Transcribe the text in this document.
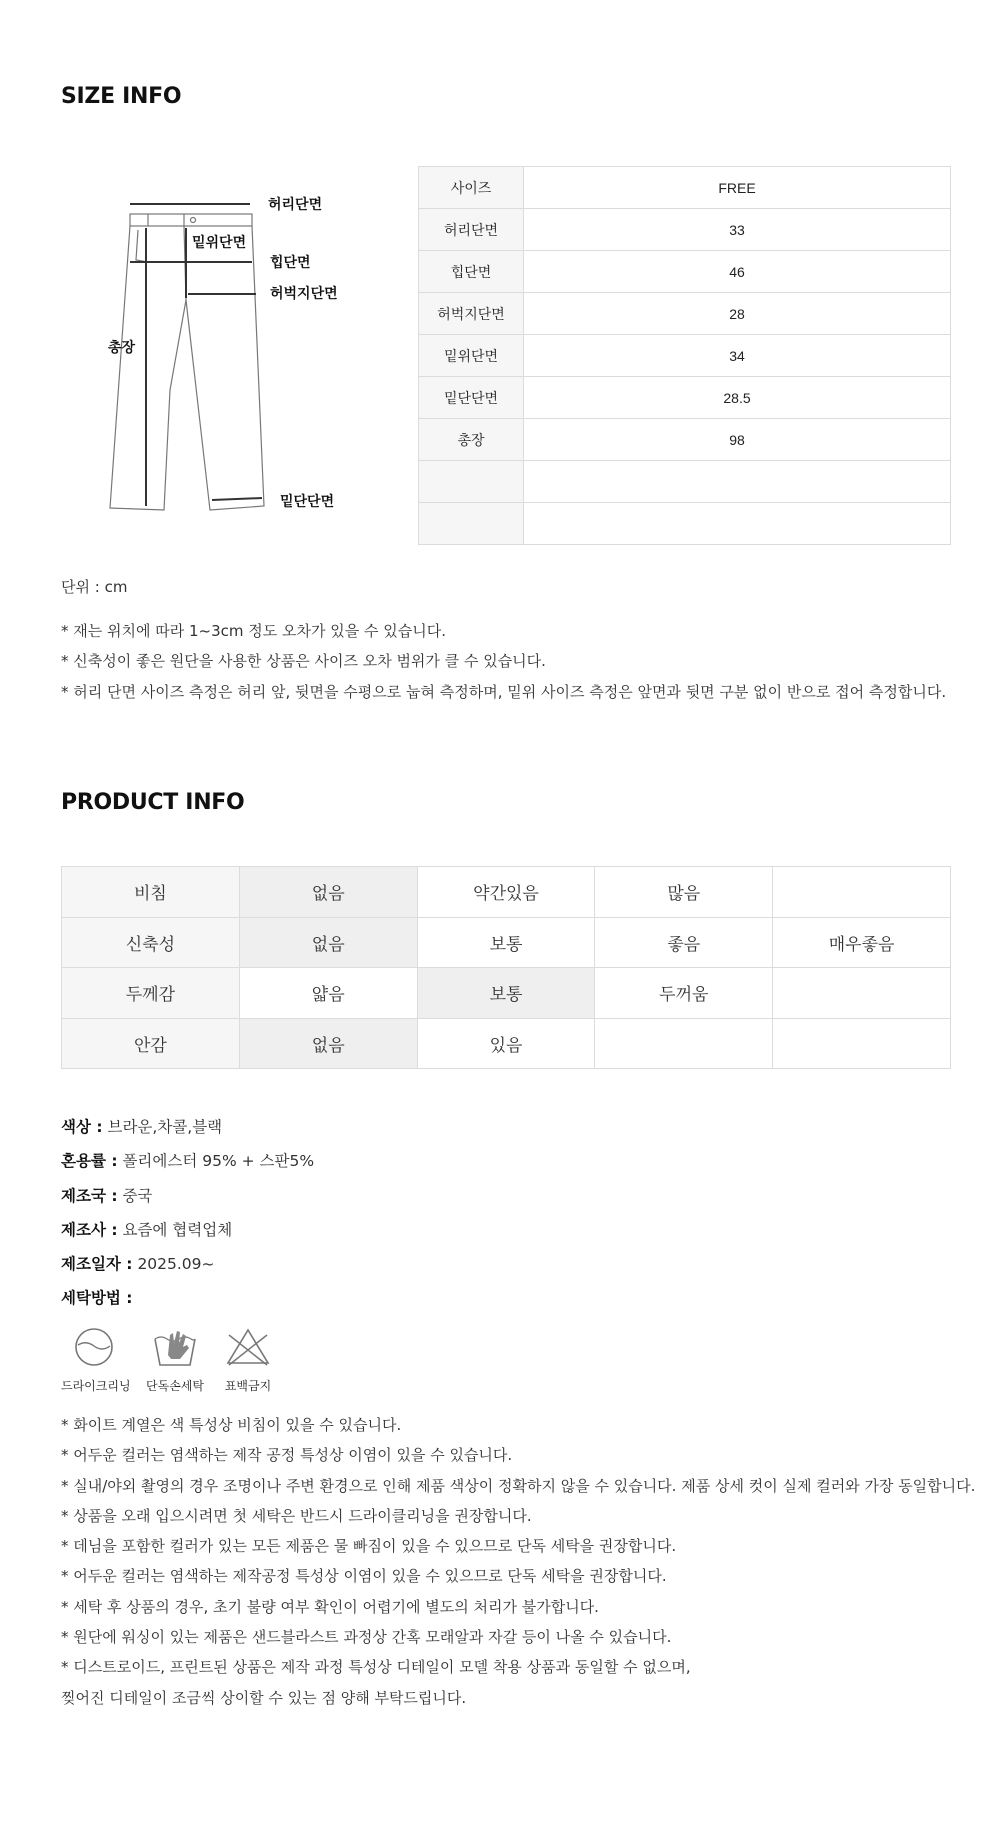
SIZE INFO
허리단면
밑위단면
힙단면
허벅지단면
총장
밑단단면
사이즈	FREE
허리단면	33
힙단면	46
허벅지단면	28
밑위단면	34
밑단단면	28.5
총장	98

단위 : cm
* 재는 위치에 따라 1~3cm 정도 오차가 있을 수 있습니다.
* 신축성이 좋은 원단을 사용한 상품은 사이즈 오차 범위가 클 수 있습니다.
* 허리 단면 사이즈 측정은 허리 앞, 뒷면을 수평으로 눕혀 측정하며, 밑위 사이즈 측정은 앞면과 뒷면 구분 없이 반으로 접어 측정합니다.
PRODUCT INFO
비침	없음	약간있음	많음	
신축성	없음	보통	좋음	매우좋음
두께감	얇음	보통	두꺼움	
안감	없음	있음		
색상 : 브라운,차콜,블랙
혼용률 : 폴리에스터 95% + 스판5%
제조국 : 중국
제조사 : 요즘에 협력업체
제조일자 : 2025.09~
세탁방법 :
드라이크리닝 단독손세탁	표백금지
* 화이트 계열은 색 특성상 비침이 있을 수 있습니다.
* 어두운 컬러는 염색하는 제작 공정 특성상 이염이 있을 수 있습니다.
* 실내/야외 촬영의 경우 조명이나 주변 환경으로 인해 제품 색상이 정확하지 않을 수 있습니다. 제품 상세 컷이 실제 컬러와 가장 동일합니다.
* 상품을 오래 입으시려면 첫 세탁은 반드시 드라이클리닝을 권장합니다.
* 데님을 포함한 컬러가 있는 모든 제품은 물 빠짐이 있을 수 있으므로 단독 세탁을 권장합니다.
* 어두운 컬러는 염색하는 제작공정 특성상 이염이 있을 수 있으므로 단독 세탁을 권장합니다.
* 세탁 후 상품의 경우, 초기 불량 여부 확인이 어렵기에 별도의 처리가 불가합니다.
* 원단에 워싱이 있는 제품은 샌드블라스트 과정상 간혹 모래알과 자갈 등이 나올 수 있습니다.
* 디스트로이드, 프린트된 상품은 제작 과정 특성상 디테일이 모델 착용 상품과 동일할 수 없으며,
찢어진 디테일이 조금씩 상이할 수 있는 점 양해 부탁드립니다.
